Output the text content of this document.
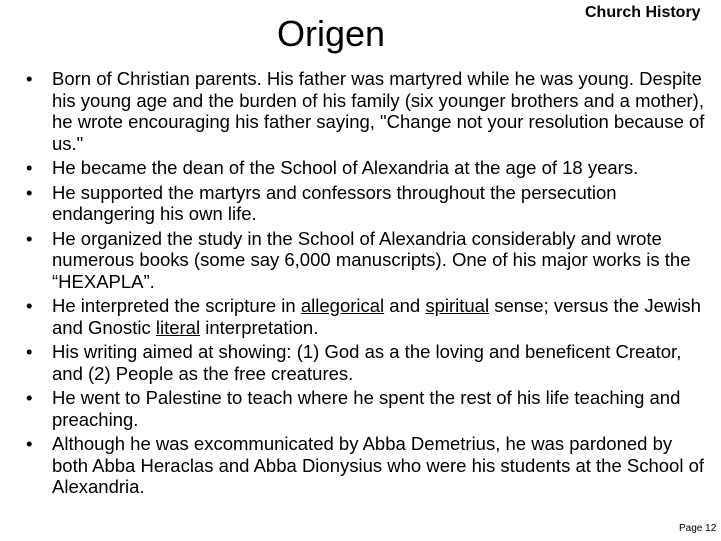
Origen
Church History
• Born of Christian parents. His father was martyred while he was young. Despite his young age and the burden of his family (six younger brothers and a mother), he wrote encouraging his father saying, "Change not your resolution because of us."
• He became the dean of the School of Alexandria at the age of 18 years.
• He supported the martyrs and confessors throughout the persecution endangering his own life.
• He organized the study in the School of Alexandria considerably and wrote numerous books (some say 6,000 manuscripts). One of his major works is the “HEXAPLA”.
• He interpreted the scripture in allegorical and spiritual sense; versus the Jewish and Gnostic literal interpretation.
• His writing aimed at showing: (1) God as a the loving and beneficent Creator, and (2) People as the free creatures.
• He went to Palestine to teach where he spent the rest of his life teaching and preaching.
• Although he was excommunicated by Abba Demetrius, he was pardoned by both Abba Heraclas and Abba Dionysius who were his students at the School of Alexandria.
Page 12
